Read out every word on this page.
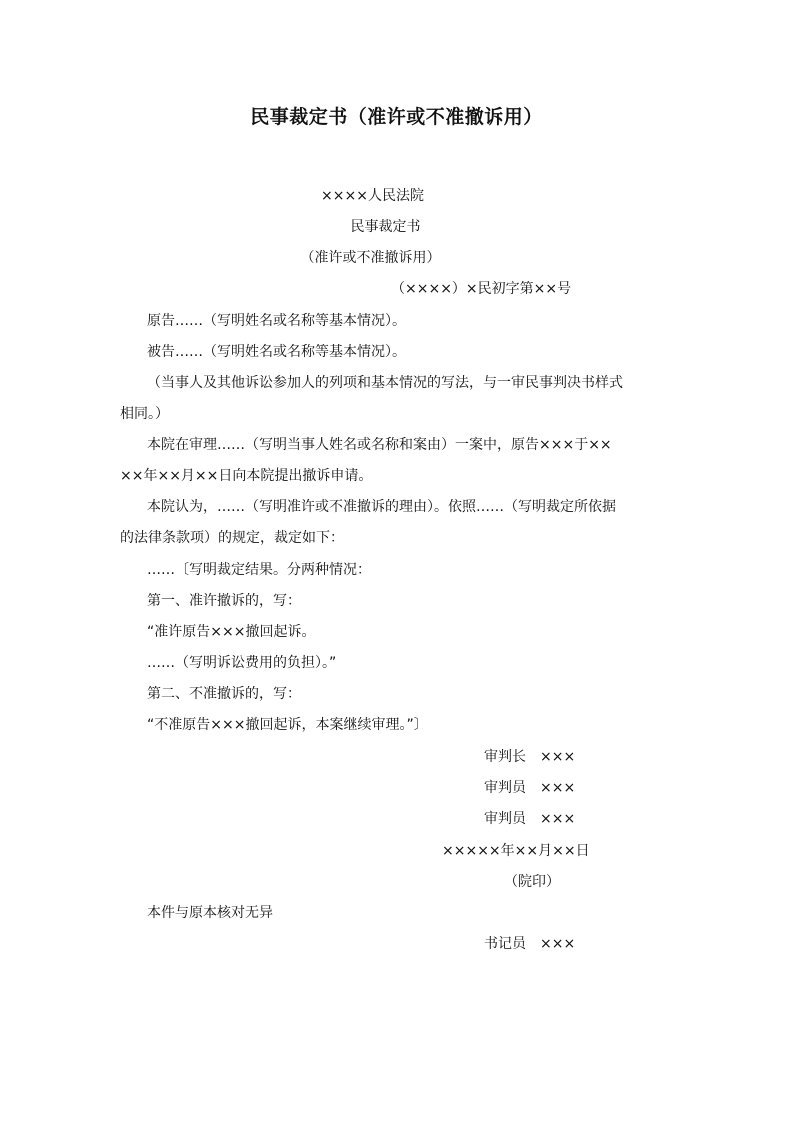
民事裁定书（准许或不准撤诉用）
××××人民法院
民事裁定书
（准许或不准撤诉用）
（××××）×民初字第××号
原告……（写明姓名或名称等基本情况）。
被告……（写明姓名或名称等基本情况）。
（当事人及其他诉讼参加人的列项和基本情况的写法，与一审民事判决书样式
相同。）
本院在审理……（写明当事人姓名或名称和案由）一案中，原告×××于××
××年××月××日向本院提出撤诉申请。
本院认为，……（写明准许或不准撤诉的理由）。依照……（写明裁定所依据
的法律条款项）的规定，裁定如下：
……〔写明裁定结果。分两种情况：
第一、准许撤诉的，写：
“准许原告×××撤回起诉。
……（写明诉讼费用的负担）。”
第二、不准撤诉的，写：
“不准原告×××撤回起诉，本案继续审理。”〕
审判长　×××
审判员　×××
审判员　×××
×××××年××月××日
（院印）
本件与原本核对无异
书记员　×××
